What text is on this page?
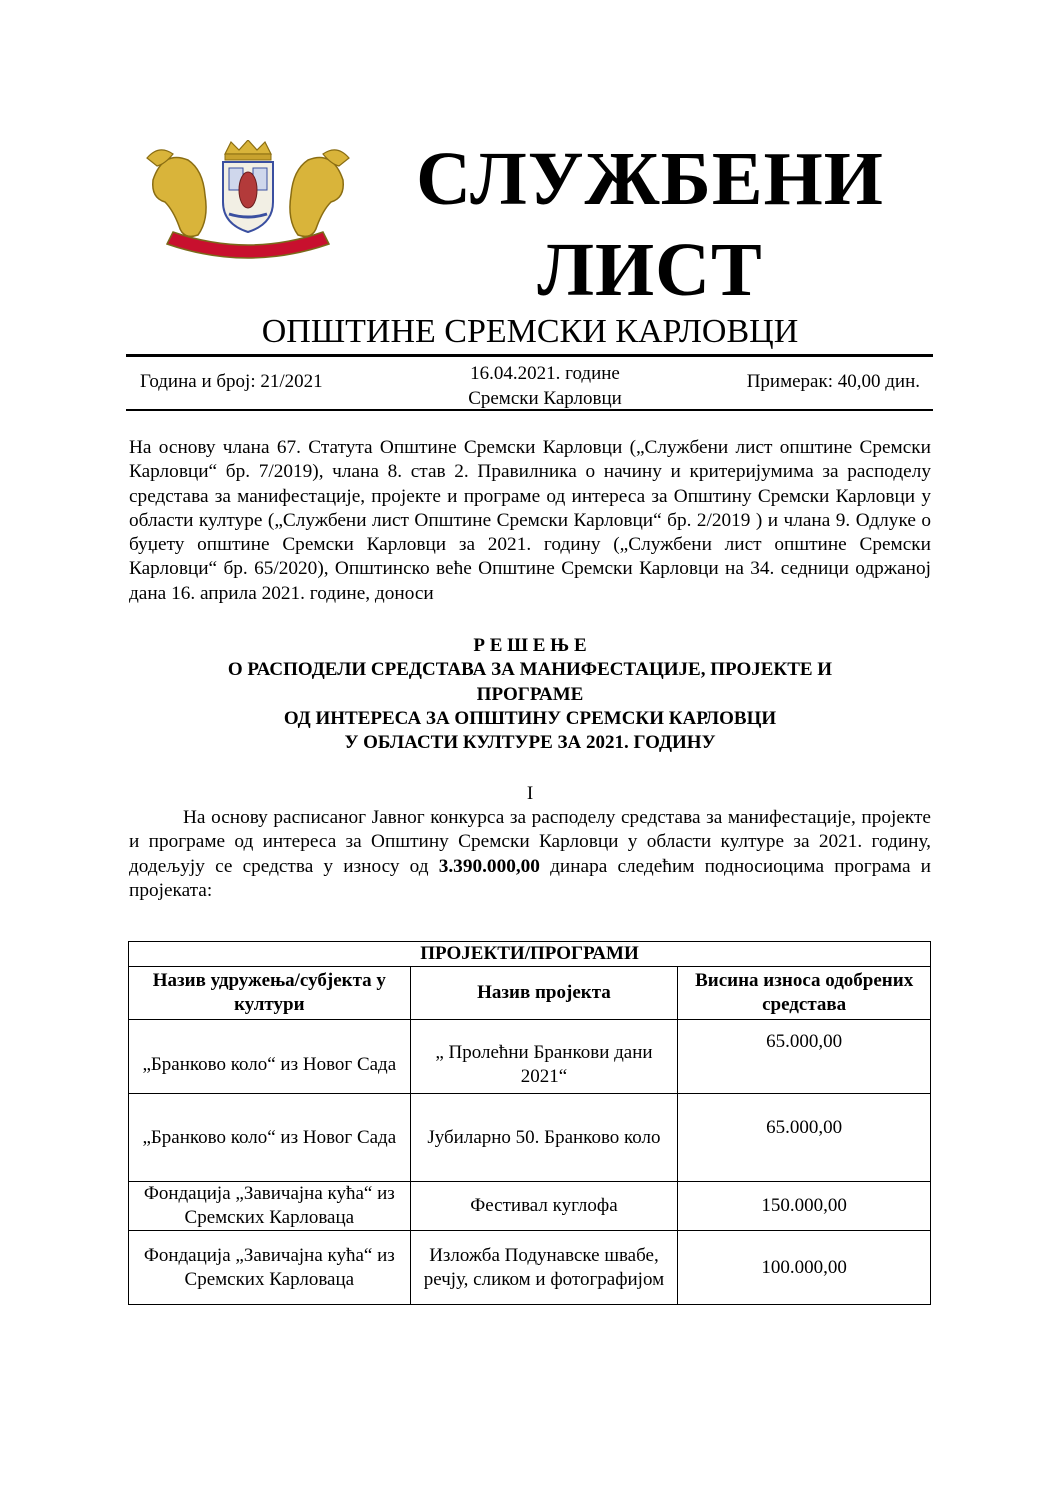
СЛУЖБЕНИ
ЛИСТ
ОПШТИНЕ СРЕМСКИ КАРЛОВЦИ
Година и број: 21/2021	16.04.2021. године
Сремски Карловци
Примерак: 40,00 дин.
На основу члана 67. Статута Општине Сремски Карловци („Службени лист општине Сремски Карловци“ бр. 7/2019), члана 8. став 2. Правилника о начину и критеријумима за расподелу средстава за манифестације, пројекте и програме од интереса за Општину Сремски Карловци у области културе („Службени лист Општине Сремски Карловци“ бр. 2/2019 ) и члана 9. Одлуке о буџету општине Сремски Карловци за 2021. годину („Службени лист општине Сремски Карловци“ бр. 65/2020), Општинско веће Општине Сремски Карловци на 34. седници одржаној дана 16. априла 2021. године, доноси
Р Е Ш Е Њ Е
О РАСПОДЕЛИ СРЕДСТАВА ЗА МАНИФЕСТАЦИЈЕ, ПРОЈЕКТЕ И
ПРОГРАМЕ
ОД ИНТЕРЕСА ЗА ОПШТИНУ СРЕМСКИ КАРЛОВЦИ
У ОБЛАСТИ КУЛТУРЕ ЗА 2021. ГОДИНУ
I
На основу расписаног Јавног конкурса за расподелу средстава за манифестације, пројекте и програме од интереса за Општину Сремски Карловци у области културе за 2021. годину, додељују се средства у износу од 3.390.000,00 динара следећим подносиоцима програма и пројеката:
ПРОЈЕКТИ/ПРОГРАМИ		
Назив удружења/субјекта у култури	Назив пројекта	Висина износа одобрених средстава
„Бранково коло“ из Новог Сада	„ Пролећни Бранкови дани 2021“	65.000,00
„Бранково коло“ из Новог Сада	Јубиларно 50. Бранково коло	65.000,00
Фондација „Завичајна кућа“ из Сремских Карловаца	Фестивал куглофа	150.000,00
Фондација „Завичајна кућа“ из Сремских Карловаца	Изложба Подунавске швабе, речју, сликом и фотографијом	100.000,00
